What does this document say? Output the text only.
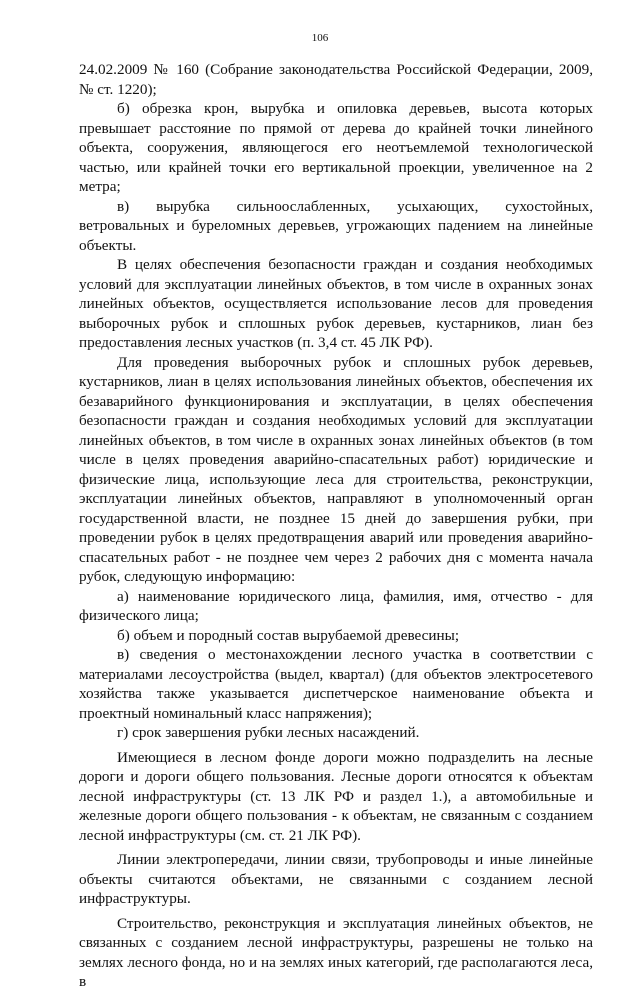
106

24.02.2009 № 160 (Собрание законодательства Российской Федерации, 2009, № ст. 1220);

б) обрезка крон, вырубка и опиловка деревьев, высота которых превышает расстояние по прямой от дерева до крайней точки линейного объекта, сооружения, являющегося его неотъемлемой технологической частью, или крайней точки его вертикальной проекции, увеличенное на 2 метра;

в) вырубка сильноослабленных, усыхающих, сухостойных, ветровальных и буреломных деревьев, угрожающих падением на линейные объекты.

В целях обеспечения безопасности граждан и создания необходимых условий для эксплуатации линейных объектов, в том числе в охранных зонах линейных объектов, осуществляется использование лесов для проведения выборочных рубок и сплошных рубок деревьев, кустарников, лиан без предоставления лесных участков (п. 3,4 ст. 45 ЛК РФ).

Для проведения выборочных рубок и сплошных рубок деревьев, кустарников, лиан в целях использования линейных объектов, обеспечения их безаварийного функционирования и эксплуатации, в целях обеспечения безопасности граждан и создания необходимых условий для эксплуатации линейных объектов, в том числе в охранных зонах линейных объектов (в том числе в целях проведения аварийно-спасательных работ) юридические и физические лица, использующие леса для строительства, реконструкции, эксплуатации линейных объектов, направляют в уполномоченный орган государственной власти, не позднее 15 дней до завершения рубки, при проведении рубок в целях предотвращения аварий или проведения аварийно-спасательных работ - не позднее чем через 2 рабочих дня с момента начала рубок, следующую информацию:

а) наименование юридического лица, фамилия, имя, отчество - для физического лица;

б) объем и породный состав вырубаемой древесины;

в) сведения о местонахождении лесного участка в соответствии с материалами лесоустройства (выдел, квартал) (для объектов электросетевого хозяйства также указывается диспетчерское наименование объекта и проектный номинальный класс напряжения);

г) срок завершения рубки лесных насаждений.

Имеющиеся в лесном фонде дороги можно подразделить на лесные дороги и дороги общего пользования. Лесные дороги относятся к объектам лесной инфраструктуры (ст. 13 ЛК РФ и раздел 1.), а автомобильные и железные дороги общего пользования - к объектам, не связанным с созданием лесной инфраструктуры (см. ст. 21 ЛК РФ).

Линии электропередачи, линии связи, трубопроводы и иные линейные объекты считаются объектами, не связанными с созданием лесной инфраструктуры.

Строительство, реконструкция и эксплуатация линейных объектов, не связанных с созданием лесной инфраструктуры, разрешены не только на землях лесного фонда, но и на землях иных категорий, где располагаются леса, в
